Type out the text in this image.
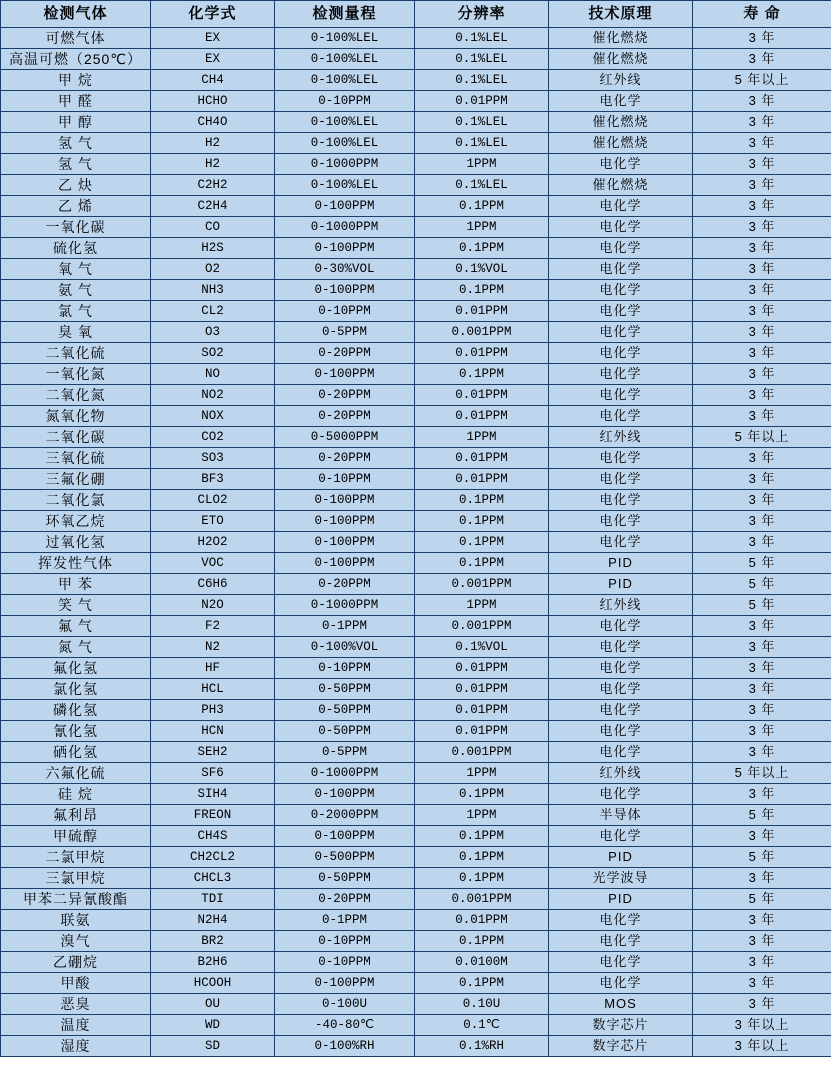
检测气体	化学式	检测量程	分辨率	技术原理	寿 命
可燃气体	EX	0-100%LEL	0.1%LEL	催化燃烧	3 年
高温可燃（250℃）	EX	0-100%LEL	0.1%LEL	催化燃烧	3 年
甲 烷	CH4	0-100%LEL	0.1%LEL	红外线	5 年以上
甲 醛	HCHO	0-10PPM	0.01PPM	电化学	3 年
甲 醇	CH4O	0-100%LEL	0.1%LEL	催化燃烧	3 年
氢 气	H2	0-100%LEL	0.1%LEL	催化燃烧	3 年
氢 气	H2	0-1000PPM	1PPM	电化学	3 年
乙 炔	C2H2	0-100%LEL	0.1%LEL	催化燃烧	3 年
乙 烯	C2H4	0-100PPM	0.1PPM	电化学	3 年
一氧化碳	CO	0-1000PPM	1PPM	电化学	3 年
硫化氢	H2S	0-100PPM	0.1PPM	电化学	3 年
氧 气	O2	0-30%VOL	0.1%VOL	电化学	3 年
氨 气	NH3	0-100PPM	0.1PPM	电化学	3 年
氯 气	CL2	0-10PPM	0.01PPM	电化学	3 年
臭 氧	O3	0-5PPM	0.001PPM	电化学	3 年
二氧化硫	SO2	0-20PPM	0.01PPM	电化学	3 年
一氧化氮	NO	0-100PPM	0.1PPM	电化学	3 年
二氧化氮	NO2	0-20PPM	0.01PPM	电化学	3 年
氮氧化物	NOX	0-20PPM	0.01PPM	电化学	3 年
二氧化碳	CO2	0-5000PPM	1PPM	红外线	5 年以上
三氧化硫	SO3	0-20PPM	0.01PPM	电化学	3 年
三氟化硼	BF3	0-10PPM	0.01PPM	电化学	3 年
二氧化氯	CLO2	0-100PPM	0.1PPM	电化学	3 年
环氧乙烷	ETO	0-100PPM	0.1PPM	电化学	3 年
过氧化氢	H2O2	0-100PPM	0.1PPM	电化学	3 年
挥发性气体	VOC	0-100PPM	0.1PPM	PID	5 年
甲 苯	C6H6	0-20PPM	0.001PPM	PID	5 年
笑 气	N2O	0-1000PPM	1PPM	红外线	5 年
氟 气	F2	0-1PPM	0.001PPM	电化学	3 年
氮 气	N2	0-100%VOL	0.1%VOL	电化学	3 年
氟化氢	HF	0-10PPM	0.01PPM	电化学	3 年
氯化氢	HCL	0-50PPM	0.01PPM	电化学	3 年
磷化氢	PH3	0-50PPM	0.01PPM	电化学	3 年
氰化氢	HCN	0-50PPM	0.01PPM	电化学	3 年
硒化氢	SEH2	0-5PPM	0.001PPM	电化学	3 年
六氟化硫	SF6	0-1000PPM	1PPM	红外线	5 年以上
硅 烷	SIH4	0-100PPM	0.1PPM	电化学	3 年
氟利昂	FREON	0-2000PPM	1PPM	半导体	5 年
甲硫醇	CH4S	0-100PPM	0.1PPM	电化学	3 年
二氯甲烷	CH2CL2	0-500PPM	0.1PPM	PID	5 年
三氯甲烷	CHCL3	0-50PPM	0.1PPM	光学波导	3 年
甲苯二异氰酸酯	TDI	0-20PPM	0.001PPM	PID	5 年
联氨	N2H4	0-1PPM	0.01PPM	电化学	3 年
溴气	BR2	0-10PPM	0.1PPM	电化学	3 年
乙硼烷	B2H6	0-10PPM	0.0100M	电化学	3 年
甲酸	HCOOH	0-100PPM	0.1PPM	电化学	3 年
恶臭	OU	0-100U	0.10U	MOS	3 年
温度	WD	-40-80℃	0.1℃	数字芯片	3 年以上
湿度	SD	0-100%RH	0.1%RH	数字芯片	3 年以上
